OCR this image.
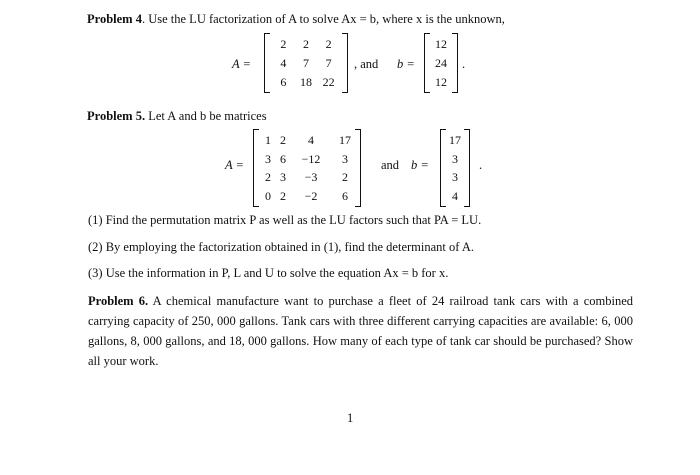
Problem 4. Use the LU factorization of A to solve Ax = b, where x is the unknown,
A =
2	2	2
4	7	7
6	18 22
, and b =
12
24
12
.
Problem 5. Let A and b be matrices
A =
1 2	4	17
3 6	−12	3
2 3	−3	2
0 2	−2	6
and b =
17
3
3
4
.
(1) Find the permutation matrix P as well as the LU factors such that PA = LU.
(2) By employing the factorization obtained in (1), find the determinant of A.
(3) Use the information in P, L and U to solve the equation Ax = b for x.
Problem 6. A chemical manufacture want to purchase a fleet of 24 railroad tank cars with a combined carrying capacity of 250, 000 gallons. Tank cars with three different carrying capacities are available: 6, 000 gallons, 8, 000 gallons, and 18, 000 gallons. How many of each type of tank car should be purchased? Show all your work.
1
